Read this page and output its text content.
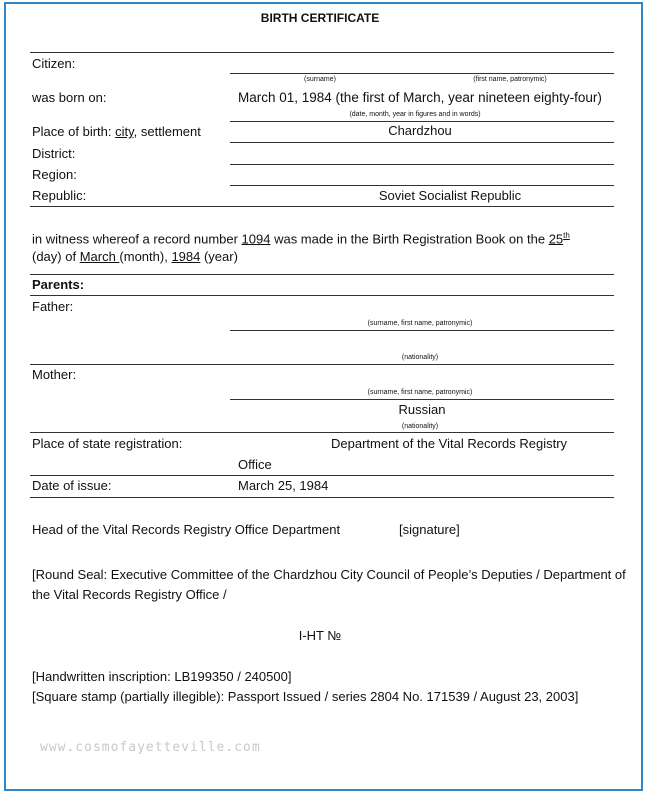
BIRTH CERTIFICATE
Citizen:
(surname)	(first name, patronymic)
was born on:	March 01, 1984 (the first of March, year nineteen eighty-four)
(date, month, year in figures and in words)
Place of birth: city, settlement	Chardzhou
District:
Region:
Republic:	Soviet Socialist Republic
in witness whereof a record number 1094 was made in the Birth Registration Book on the 25th
(day) of March (month), 1984 (year)
Parents:
Father:
(surname, first name, patronymic)
(nationality)
Mother:
(surname, first name, patronymic)
Russian
(nationality)
Place of state registration:	Department of the Vital Records Registry
Office
Date of issue:	March 25, 1984
Head of the Vital Records Registry Office Department	[signature]
[Round Seal: Executive Committee of the Chardzhou City Council of People’s Deputies / Department of
the Vital Records Registry Office /
I-HT №
[Handwritten inscription: LB199350 / 240500]
[Square stamp (partially illegible): Passport Issued / series 2804 No. 171539 / August 23, 2003]
www.cosmofayetteville.com
